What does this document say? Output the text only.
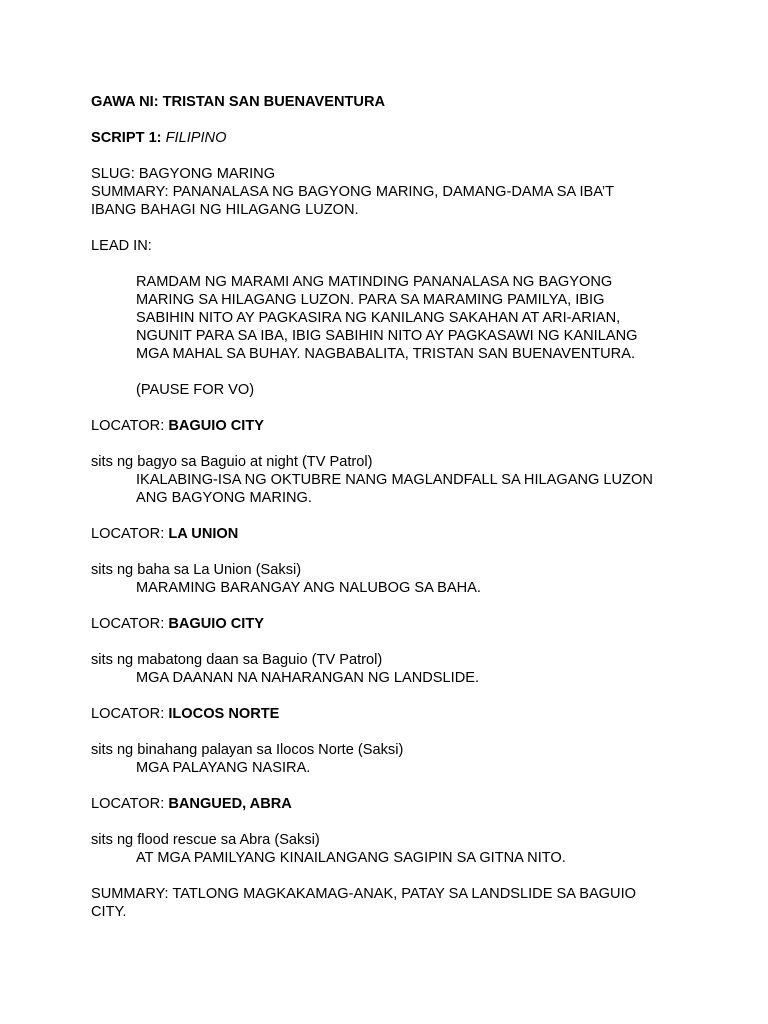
GAWA NI: TRISTAN SAN BUENAVENTURA
SCRIPT 1: FILIPINO
SLUG: BAGYONG MARING
SUMMARY: PANANALASA NG BAGYONG MARING, DAMANG-DAMA SA IBA’T
IBANG BAHAGI NG HILAGANG LUZON.
LEAD IN:
RAMDAM NG MARAMI ANG MATINDING PANANALASA NG BAGYONG
MARING SA HILAGANG LUZON. PARA SA MARAMING PAMILYA, IBIG
SABIHIN NITO AY PAGKASIRA NG KANILANG SAKAHAN AT ARI-ARIAN,
NGUNIT PARA SA IBA, IBIG SABIHIN NITO AY PAGKASAWI NG KANILANG
MGA MAHAL SA BUHAY. NAGBABALITA, TRISTAN SAN BUENAVENTURA.
(PAUSE FOR VO)
LOCATOR: BAGUIO CITY
sits ng bagyo sa Baguio at night (TV Patrol)
IKALABING-ISA NG OKTUBRE NANG MAGLANDFALL SA HILAGANG LUZON
ANG BAGYONG MARING.
LOCATOR: LA UNION
sits ng baha sa La Union (Saksi)
MARAMING BARANGAY ANG NALUBOG SA BAHA.
LOCATOR: BAGUIO CITY
sits ng mabatong daan sa Baguio (TV Patrol)
MGA DAANAN NA NAHARANGAN NG LANDSLIDE.
LOCATOR: ILOCOS NORTE
sits ng binahang palayan sa Ilocos Norte (Saksi)
MGA PALAYANG NASIRA.
LOCATOR: BANGUED, ABRA
sits ng flood rescue sa Abra (Saksi)
AT MGA PAMILYANG KINAILANGANG SAGIPIN SA GITNA NITO.
SUMMARY: TATLONG MAGKAKAMAG-ANAK, PATAY SA LANDSLIDE SA BAGUIO
CITY.
